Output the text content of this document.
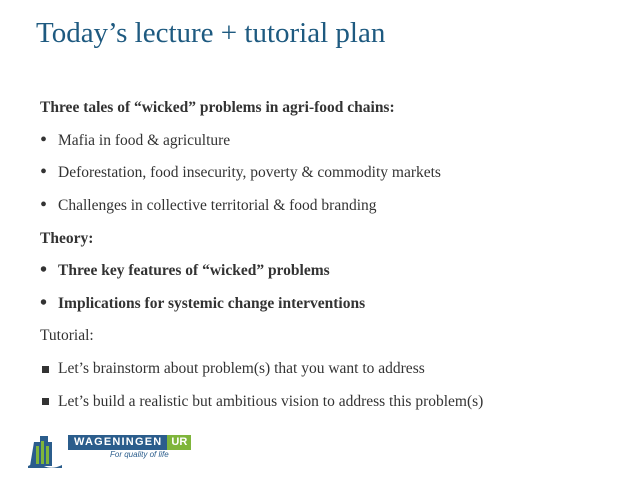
Today’s lecture + tutorial plan
Three tales of “wicked” problems in agri-food chains:
• Mafia in food & agriculture
• Deforestation, food insecurity, poverty & commodity markets
• Challenges in collective territorial & food branding
Theory:
• Three key features of “wicked” problems
• Implications for systemic change interventions
Tutorial:
Let’s brainstorm about problem(s) that you want to address
Let’s build a realistic but ambitious vision to address this problem(s)
WAGENINGEN UR
For quality of life
